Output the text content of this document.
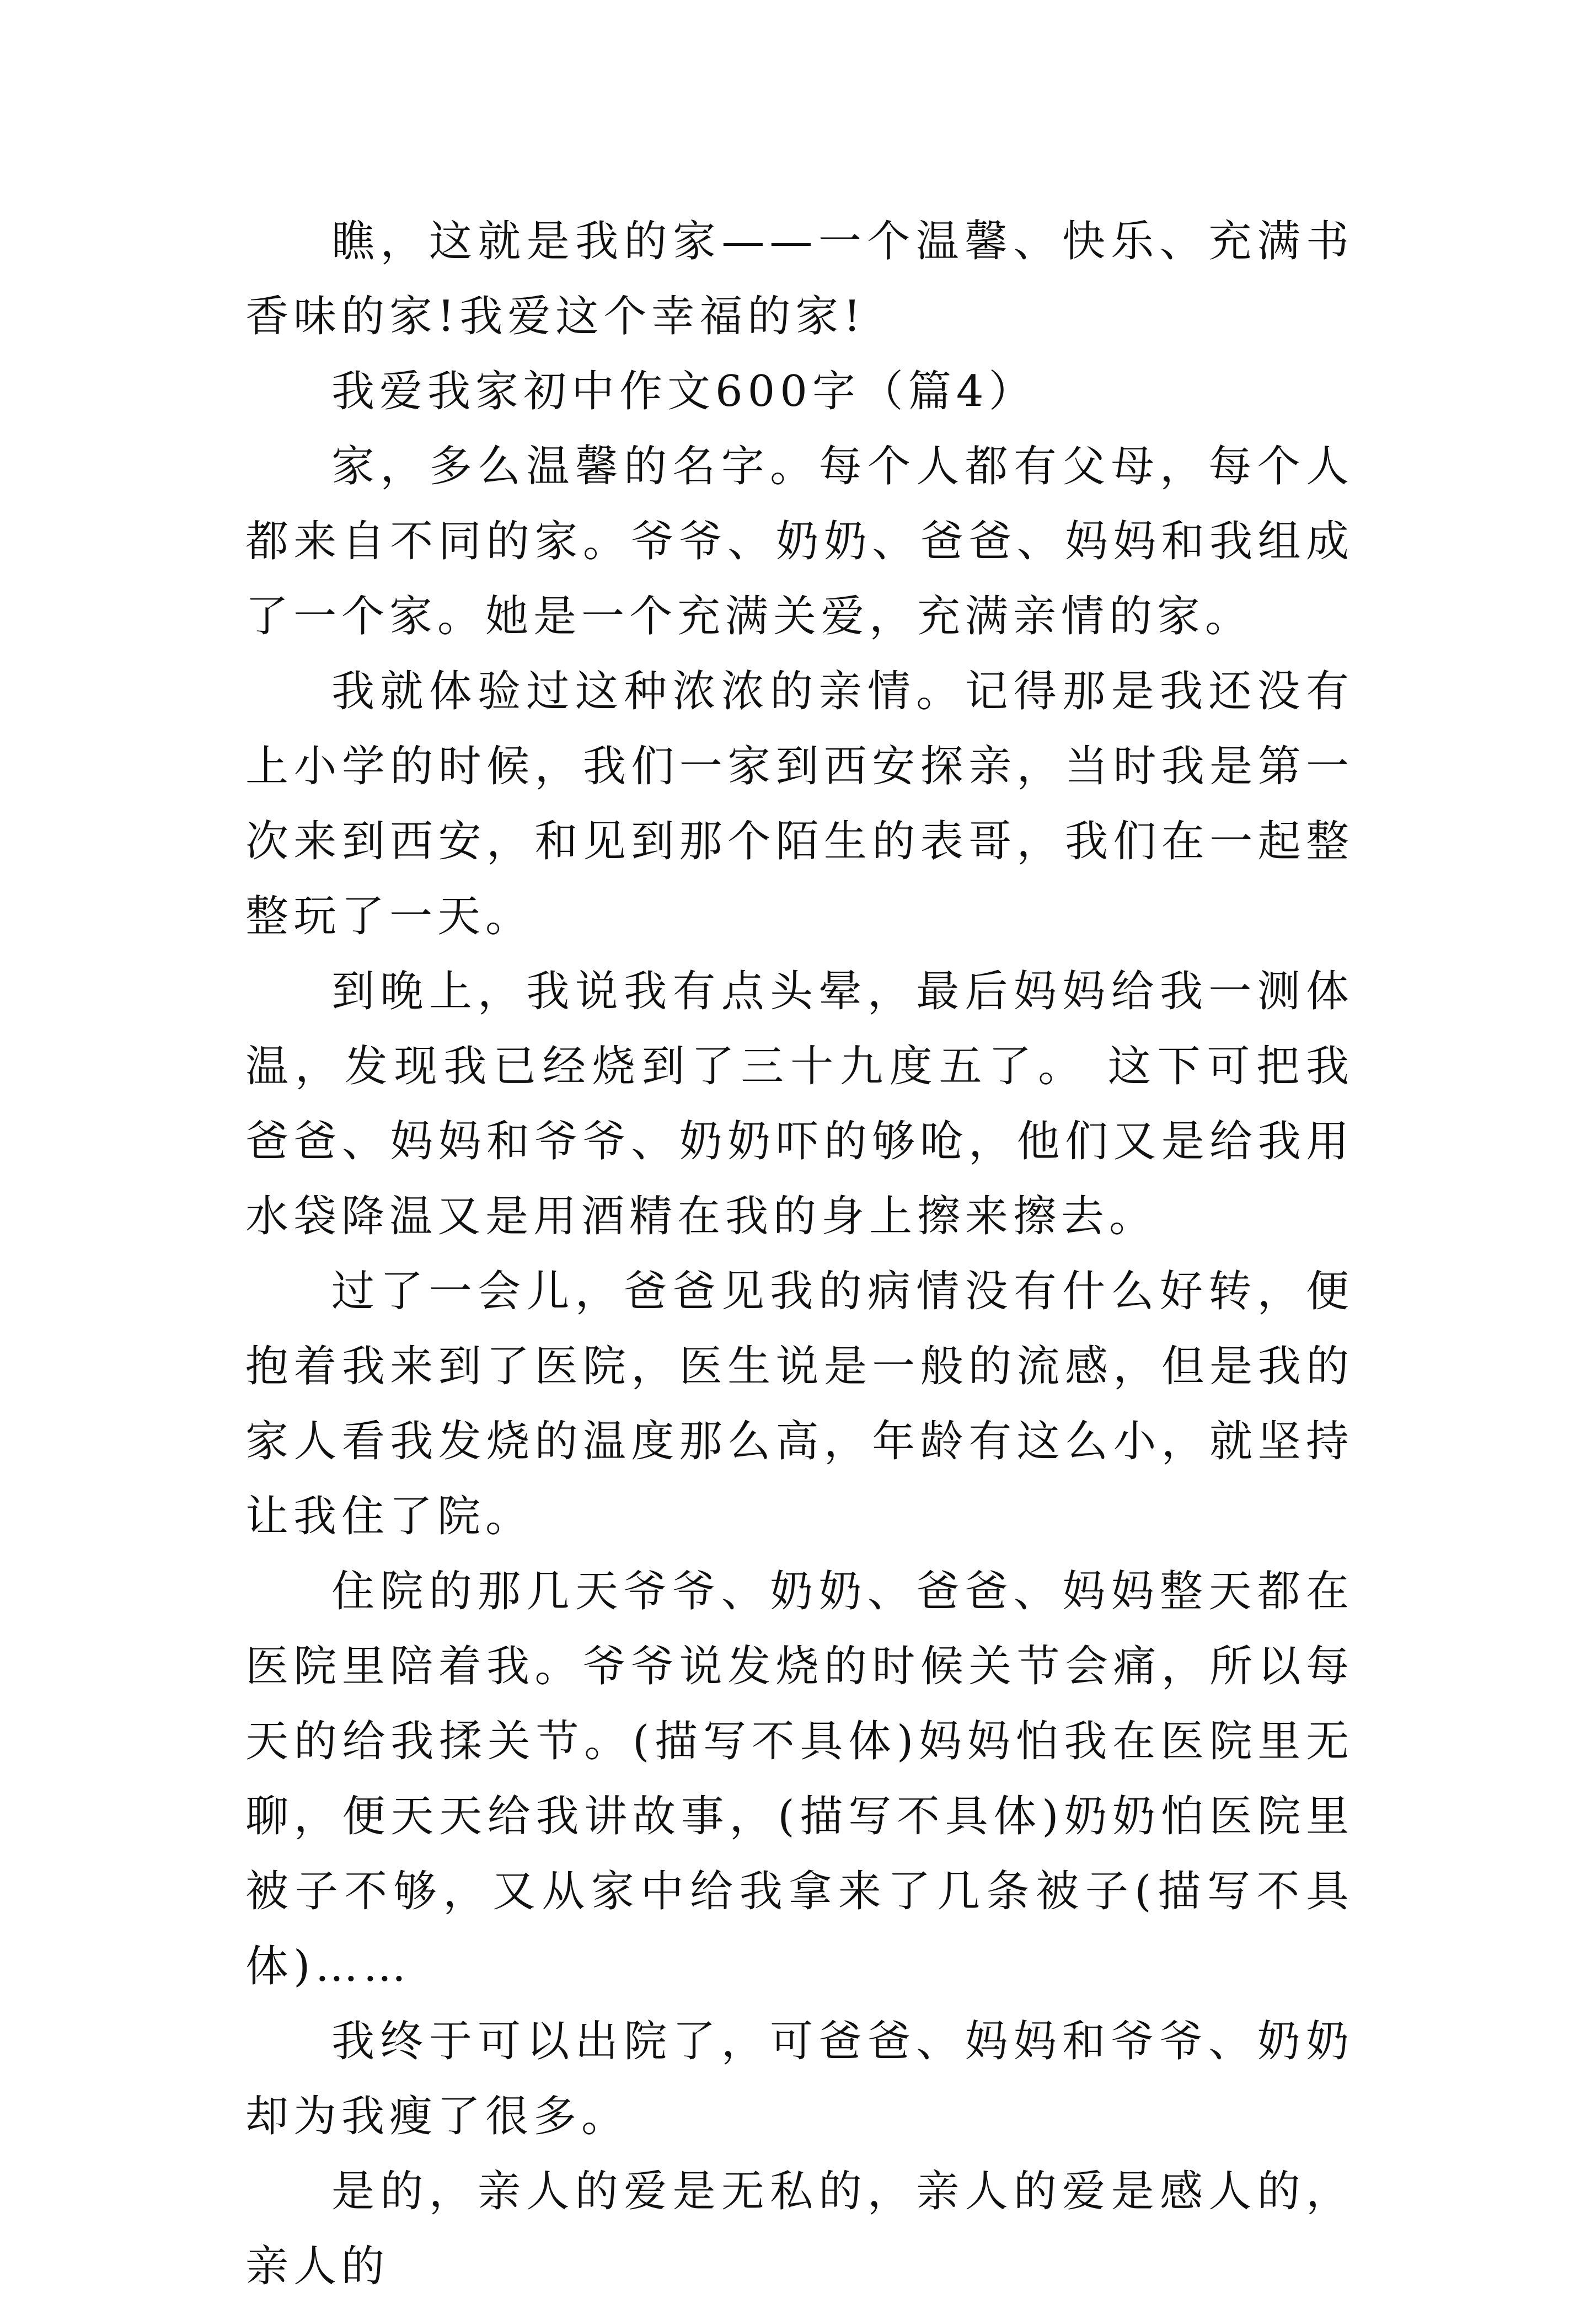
瞧，这就是我的家——一个温馨、快乐、充满书香味的家!我爱这个幸福的家!

我爱我家初中作文600字（篇4）

家，多么温馨的名字。每个人都有父母，每个人都来自不同的家。爷爷、奶奶、爸爸、妈妈和我组成了一个家。她是一个充满关爱，充满亲情的家。

我就体验过这种浓浓的亲情。记得那是我还没有上小学的时候，我们一家到西安探亲，当时我是第一次来到西安，和见到那个陌生的表哥，我们在一起整整玩了一天。

到晚上，我说我有点头晕，最后妈妈给我一测体温，发现我已经烧到了三十九度五了。 这下可把我爸爸、妈妈和爷爷、奶奶吓的够呛，他们又是给我用水袋降温又是用酒精在我的身上擦来擦去。

过了一会儿，爸爸见我的病情没有什么好转，便抱着我来到了医院，医生说是一般的流感，但是我的家人看我发烧的温度那么高，年龄有这么小，就坚持让我住了院。

住院的那几天爷爷、奶奶、爸爸、妈妈整天都在医院里陪着我。爷爷说发烧的时候关节会痛，所以每天的给我揉关节。(描写不具体)妈妈怕我在医院里无聊，便天天给我讲故事，(描写不具体)奶奶怕医院里被子不够，又从家中给我拿来了几条被子(描写不具体)……

我终于可以出院了，可爸爸、妈妈和爷爷、奶奶却为我瘦了很多。

是的，亲人的爱是无私的，亲人的爱是感人的，亲人的
